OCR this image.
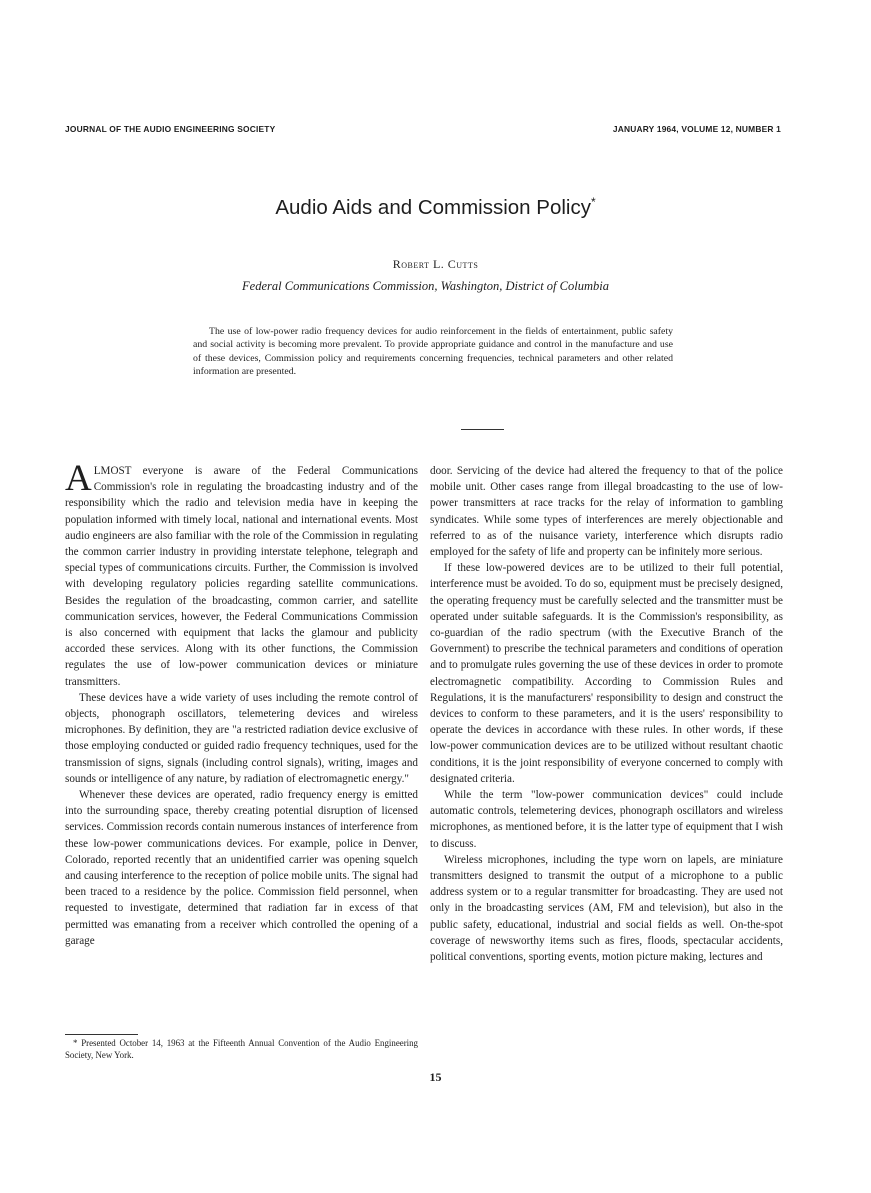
JOURNAL OF THE AUDIO ENGINEERING SOCIETY	JANUARY 1964, VOLUME 12, NUMBER 1
Audio Aids and Commission Policy*
Robert L. Cutts
Federal Communications Commission, Washington, District of Columbia

The use of low-power radio frequency devices for audio reinforcement in the fields of entertainment, public safety and social activity is becoming more prevalent. To provide appropriate guidance and control in the manufacture and use of these devices, Commission policy and requirements concerning frequencies, technical parameters and other related information are presented.

ALMOST everyone is aware of the Federal Communications Commission's role in regulating the broadcasting industry and of the responsibility which the radio and television media have in keeping the population informed with timely local, national and international events. Most audio engineers are also familiar with the role of the Commission in regulating the common carrier industry in providing interstate telephone, telegraph and special types of communications circuits. Further, the Commission is involved with developing regulatory policies regarding satellite communications. Besides the regulation of the broadcasting, common carrier, and satellite communication services, however, the Federal Communications Commission is also concerned with equipment that lacks the glamour and publicity accorded these services. Along with its other functions, the Commission regulates the use of low-power communication devices or miniature transmitters.

These devices have a wide variety of uses including the remote control of objects, phonograph oscillators, telemetering devices and wireless microphones. By definition, they are "a restricted radiation device exclusive of those employing conducted or guided radio frequency techniques, used for the transmission of signs, signals (including control signals), writing, images and sounds or intelligence of any nature, by radiation of electromagnetic energy."

Whenever these devices are operated, radio frequency energy is emitted into the surrounding space, thereby creating potential disruption of licensed services. Commission records contain numerous instances of interference from these low-power communications devices. For example, police in Denver, Colorado, reported recently that an unidentified carrier was opening squelch and causing interference to the reception of police mobile units. The signal had been traced to a residence by the police. Commission field personnel, when requested to investigate, determined that radiation far in excess of that permitted was emanating from a receiver which controlled the opening of a garage

* Presented October 14, 1963 at the Fifteenth Annual Convention of the Audio Engineering Society, New York.

door. Servicing of the device had altered the frequency to that of the police mobile unit. Other cases range from illegal broadcasting to the use of low-power transmitters at race tracks for the relay of information to gambling syndicates. While some types of interferences are merely objectionable and referred to as of the nuisance variety, interference which disrupts radio employed for the safety of life and property can be infinitely more serious.

If these low-powered devices are to be utilized to their full potential, interference must be avoided. To do so, equipment must be precisely designed, the operating frequency must be carefully selected and the transmitter must be operated under suitable safeguards. It is the Commission's responsibility, as co-guardian of the radio spectrum (with the Executive Branch of the Government) to prescribe the technical parameters and conditions of operation and to promulgate rules governing the use of these devices in order to promote electromagnetic compatibility. According to Commission Rules and Regulations, it is the manufacturers' responsibility to design and construct the devices to conform to these parameters, and it is the users' responsibility to operate the devices in accordance with these rules. In other words, if these low-power communication devices are to be utilized without resultant chaotic conditions, it is the joint responsibility of everyone concerned to comply with designated criteria.

While the term "low-power communication devices" could include automatic controls, telemetering devices, phonograph oscillators and wireless microphones, as mentioned before, it is the latter type of equipment that I wish to discuss.

Wireless microphones, including the type worn on lapels, are miniature transmitters designed to transmit the output of a microphone to a public address system or to a regular transmitter for broadcasting. They are used not only in the broadcasting services (AM, FM and television), but also in the public safety, educational, industrial and social fields as well. On-the-spot coverage of newsworthy items such as fires, floods, spectacular accidents, political conventions, sporting events, motion picture making, lectures and

15
